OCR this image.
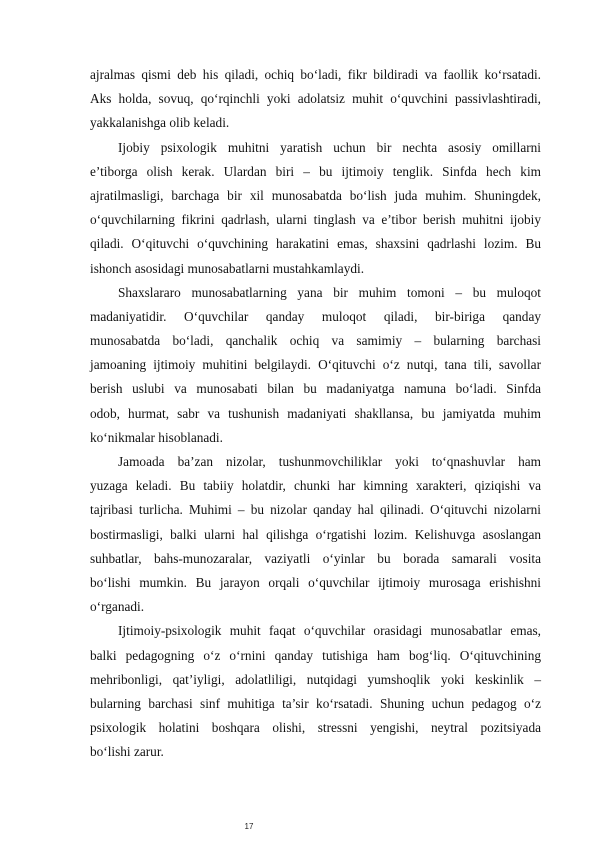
ajralmas qismi deb his qiladi, ochiq bo‘ladi, fikr bildiradi va faollik ko‘rsatadi.
Aks holda, sovuq, qo‘rqinchli yoki adolatsiz muhit o‘quvchini passivlashtiradi,
yakkalanishga olib keladi.
Ijobiy psixologik muhitni yaratish uchun bir nechta asosiy omillarni
e’tiborga olish kerak. Ulardan biri – bu ijtimoiy tenglik. Sinfda hech kim
ajratilmasligi, barchaga bir xil munosabatda bo‘lish juda muhim. Shuningdek,
o‘quvchilarning fikrini qadrlash, ularni tinglash va e’tibor berish muhitni ijobiy
qiladi. O‘qituvchi o‘quvchining harakatini emas, shaxsini qadrlashi lozim. Bu
ishonch asosidagi munosabatlarni mustahkamlaydi.
Shaxslararo munosabatlarning yana bir muhim tomoni – bu muloqot
madaniyatidir. O‘quvchilar qanday muloqot qiladi, bir-biriga qanday
munosabatda bo‘ladi, qanchalik ochiq va samimiy – bularning barchasi
jamoaning ijtimoiy muhitini belgilaydi. O‘qituvchi o‘z nutqi, tana tili, savollar
berish uslubi va munosabati bilan bu madaniyatga namuna bo‘ladi. Sinfda
odob, hurmat, sabr va tushunish madaniyati shakllansa, bu jamiyatda muhim
ko‘nikmalar hisoblanadi.
Jamoada ba’zan nizolar, tushunmovchiliklar yoki to‘qnashuvlar ham
yuzaga keladi. Bu tabiiy holatdir, chunki har kimning xarakteri, qiziqishi va
tajribasi turlicha. Muhimi – bu nizolar qanday hal qilinadi. O‘qituvchi nizolarni
bostirmasligi, balki ularni hal qilishga o‘rgatishi lozim. Kelishuvga asoslangan
suhbatlar, bahs-munozaralar, vaziyatli o‘yinlar bu borada samarali vosita
bo‘lishi mumkin. Bu jarayon orqali o‘quvchilar ijtimoiy murosaga erishishni
o‘rganadi.
Ijtimoiy-psixologik muhit faqat o‘quvchilar orasidagi munosabatlar emas,
balki pedagogning o‘z o‘rnini qanday tutishiga ham bog‘liq. O‘qituvchining
mehribonligi, qat’iyligi, adolatliligi, nutqidagi yumshoqlik yoki keskinlik –
bularning barchasi sinf muhitiga ta’sir ko‘rsatadi. Shuning uchun pedagog o‘z
psixologik holatini boshqara olishi, stressni yengishi, neytral pozitsiyada
bo‘lishi zarur.
17
